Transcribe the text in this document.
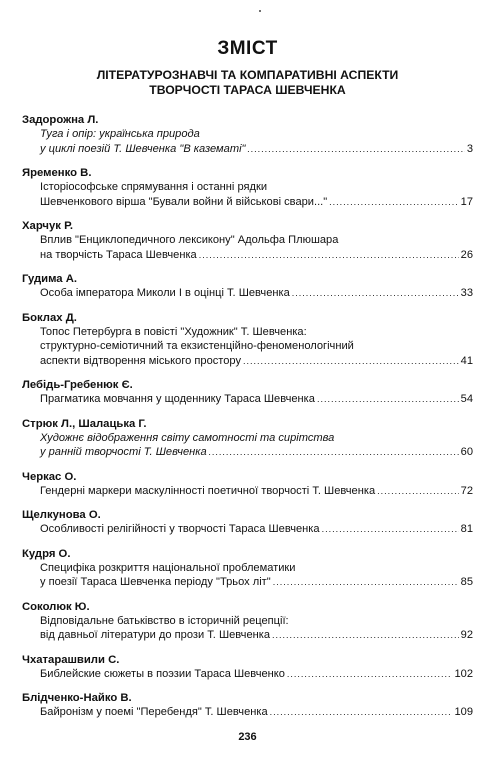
ЗМІСТ
ЛІТЕРАТУРОЗНАВЧІ ТА КОМПАРАТИВНІ АСПЕКТИ
ТВОРЧОСТІ ТАРАСА ШЕВЧЕНКА
Задорожна Л.
Туга і опір: українська природа
у циклі поезій Т. Шевченка "В казематі" .....	3
Яременко В.
Історіософське спрямування і останні рядки
Шевченкового вірша "Бували войни й військові свари..." .....	17
Харчук Р.
Вплив "Енциклопедичного лексикону" Адольфа Плюшара
на творчість Тараса Шевченка .....	26
Гудима А.
Особа імператора Миколи І в оцінці Т. Шевченка .....	33
Боклах Д.
Топос Петербурга в повісті "Художник" Т. Шевченка:
структурно-семіотичний та екзистенційно-феноменологічний
аспекти відтворення міського простору .....	41
Лебідь-Гребенюк Є.
Прагматика мовчання у щоденнику Тараса Шевченка .....	54
Стрюк Л., Шалацька Г.
Художнє відображення світу самотності та сирітства
у ранній творчості Т. Шевченка .....	60
Черкас О.
Гендерні маркери маскулінності поетичної творчості Т. Шевченка .....	72
Щелкунова О.
Особливості релігійності у творчості Тараса Шевченка .....	81
Кудря О.
Специфіка розкриття національної проблематики
у поезії Тараса Шевченка періоду "Трьох літ" .....	85
Соколюк Ю.
Відповідальне батьківство в історичній рецепції:
від давньої літератури до прози Т. Шевченка .....	92
Чхатарашвили С.
Библейские сюжеты в поэзии Тараса Шевченко .....	102
Блідченко-Найко В.
Байронізм у поемі "Перебендя" Т. Шевченка .....	109
236
